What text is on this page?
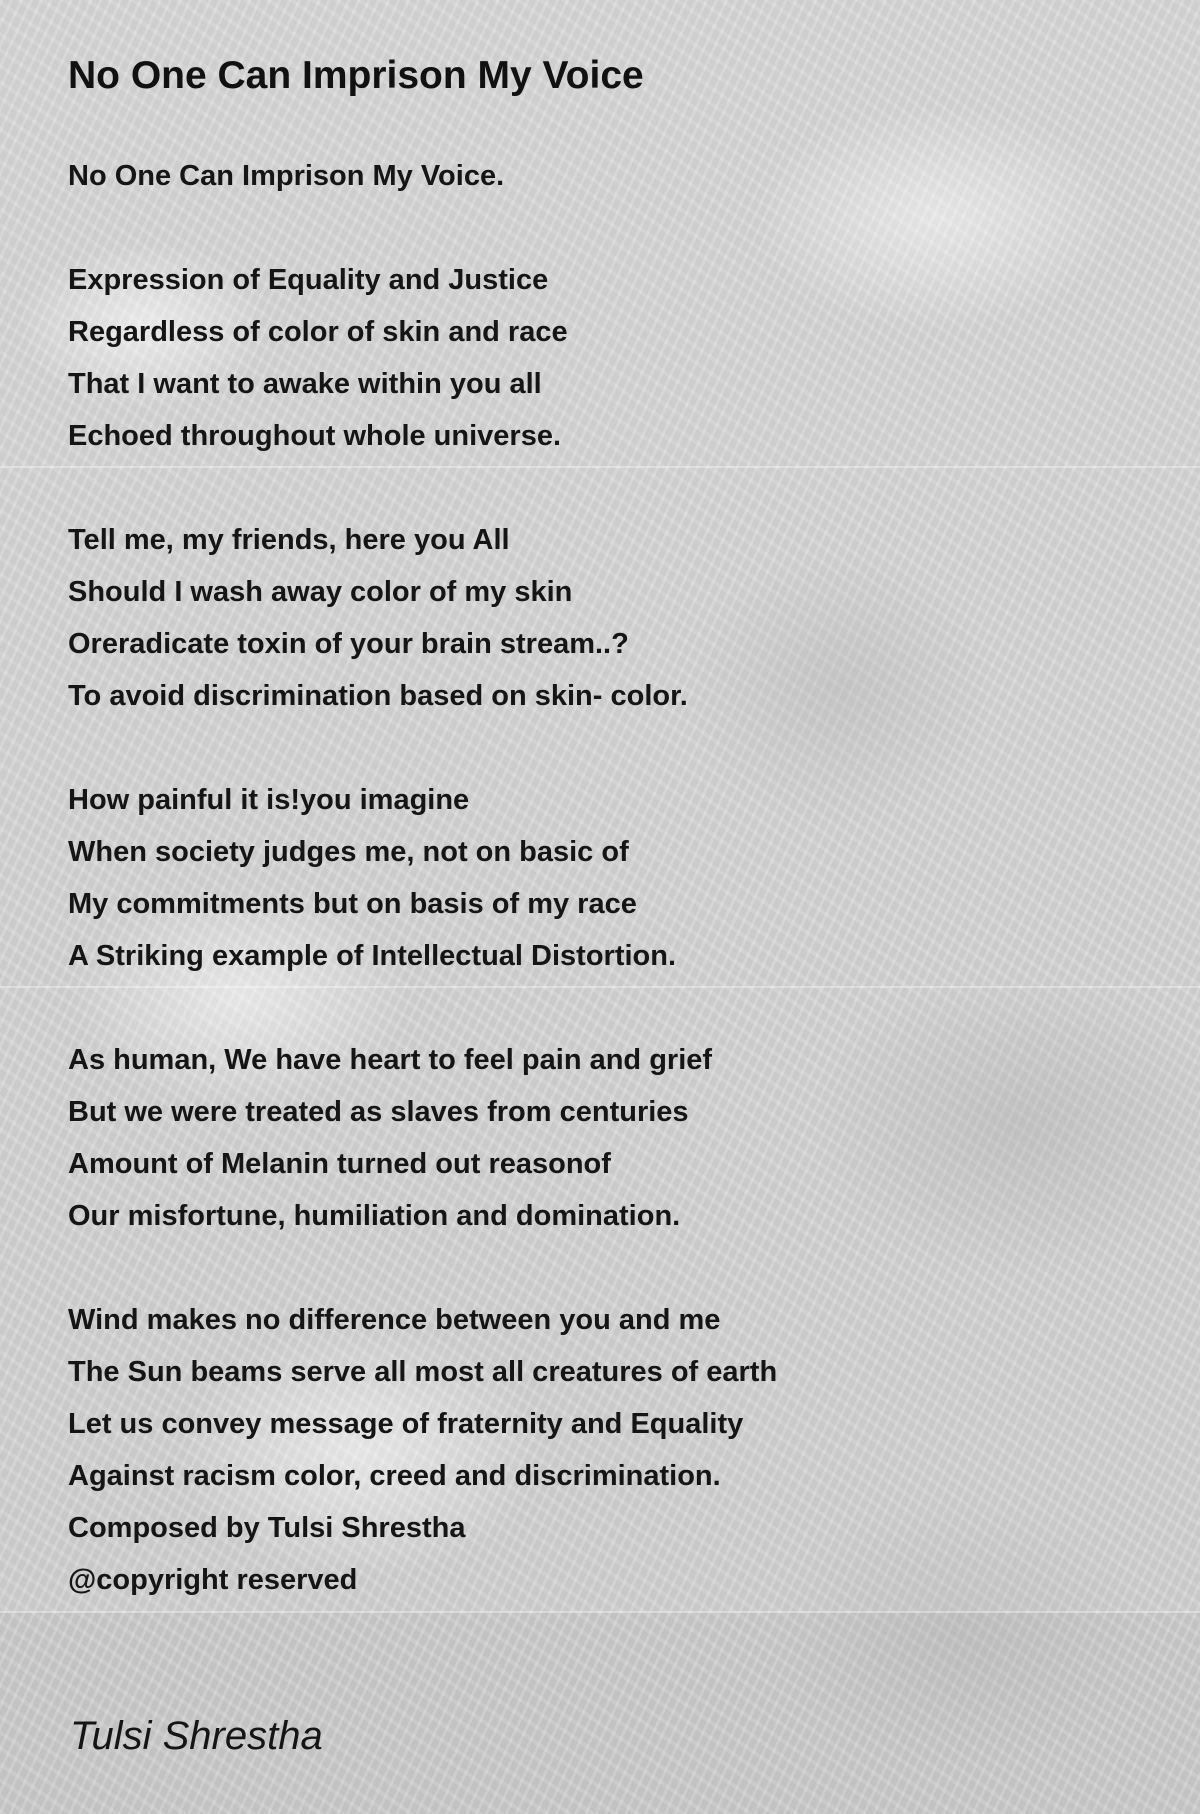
No One Can Imprison My Voice
No One Can Imprison My Voice.
Expression of Equality and Justice
Regardless of color of skin and race
That I want to awake within you all
Echoed throughout whole universe.
Tell me, my friends, here you All
Should I wash away color of my skin
Oreradicate toxin of your brain stream..?
To avoid discrimination based on skin- color.
How painful it is!you imagine
When society judges me, not on basic of
My commitments but on basis of my race
A Striking example of Intellectual Distortion.
As human, We have heart to feel pain and grief
But we were treated as slaves from centuries
Amount of Melanin turned out reasonof
Our misfortune, humiliation and domination.
Wind makes no difference between you and me
The Sun beams serve all most all creatures of earth
Let us convey message of fraternity and Equality
Against racism color, creed and discrimination.
Composed by Tulsi Shrestha
@copyright reserved
Tulsi Shrestha
